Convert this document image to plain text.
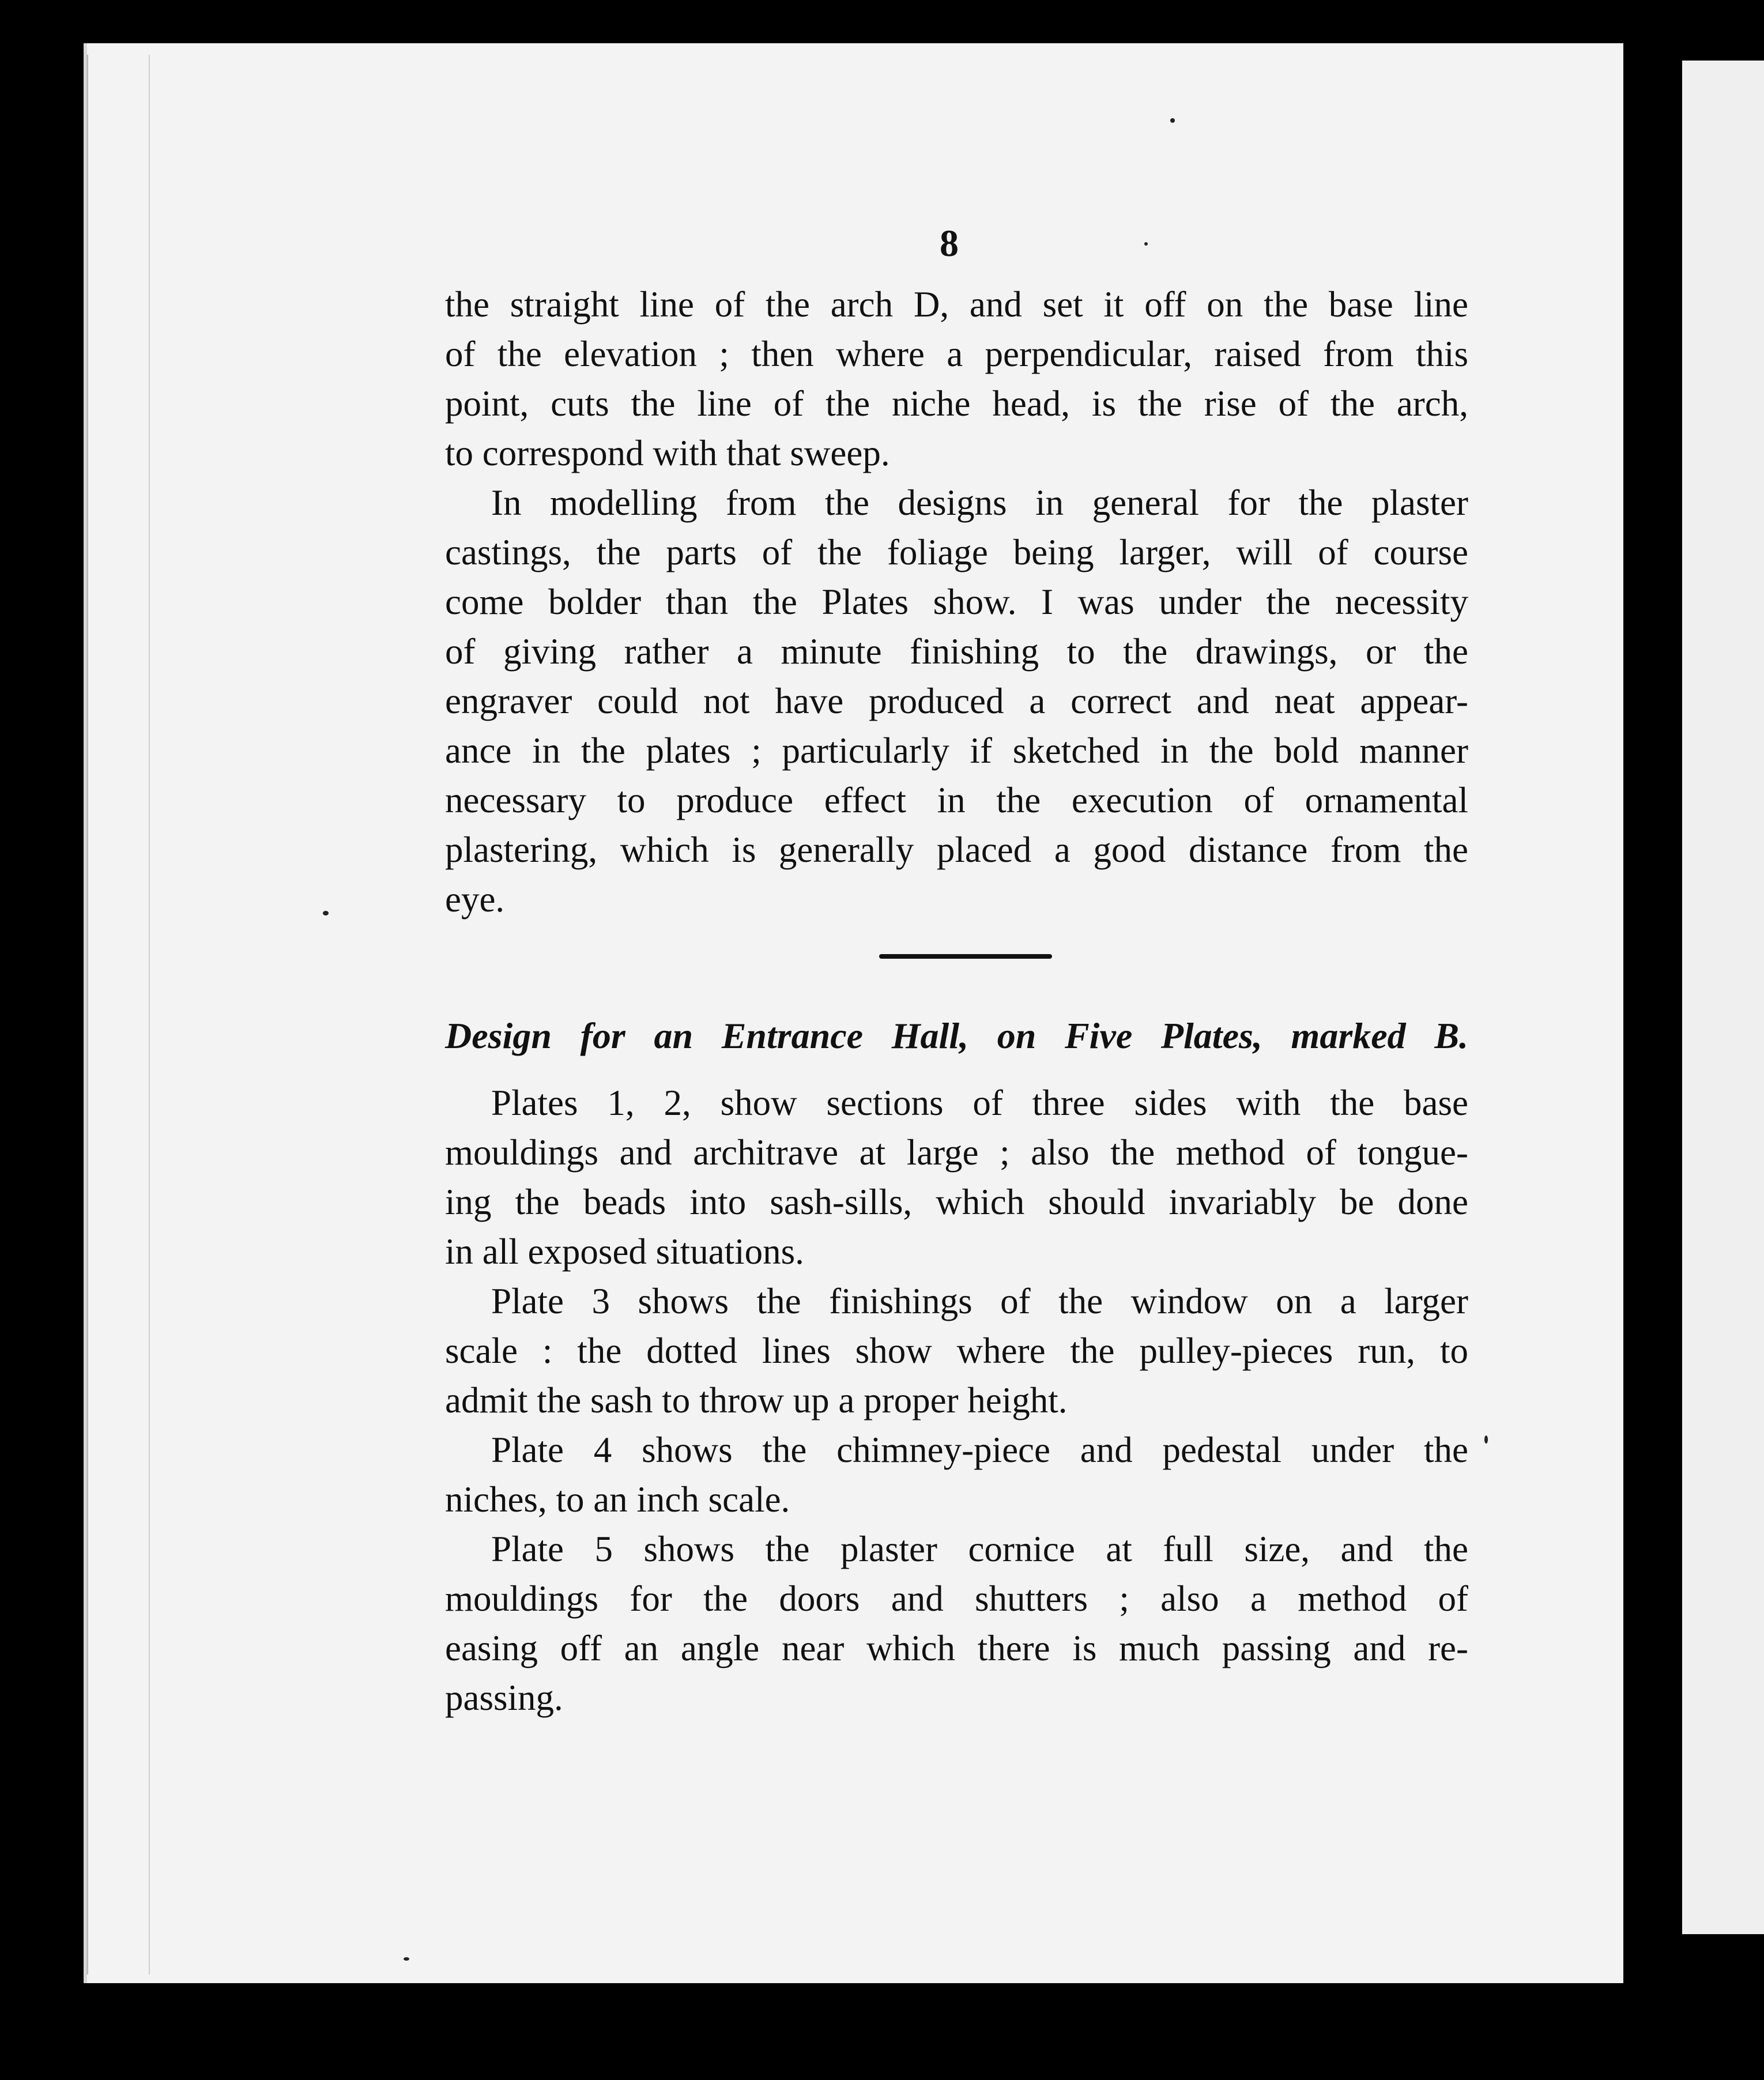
8
the straight line of the arch D, and set it off on the base line
of the elevation ; then where a perpendicular, raised from this
point, cuts the line of the niche head, is the rise of the arch,
to correspond with that sweep.
In modelling from the designs in general for the plaster
castings, the parts of the foliage being larger, will of course
come bolder than the Plates show. I was under the necessity
of giving rather a minute finishing to the drawings, or the
engraver could not have produced a correct and neat appear-
ance in the plates ; particularly if sketched in the bold manner
necessary to produce effect in the execution of ornamental
plastering, which is generally placed a good distance from the
eye.
Design for an Entrance Hall, on Five Plates, marked B.
Plates 1, 2, show sections of three sides with the base
mouldings and architrave at large ; also the method of tongue-
ing the beads into sash-sills, which should invariably be done
in all exposed situations.
Plate 3 shows the finishings of the window on a larger
scale : the dotted lines show where the pulley-pieces run, to
admit the sash to throw up a proper height.
Plate 4 shows the chimney-piece and pedestal under the
niches, to an inch scale.
Plate 5 shows the plaster cornice at full size, and the
mouldings for the doors and shutters ; also a method of
easing off an angle near which there is much passing and re-
passing.
